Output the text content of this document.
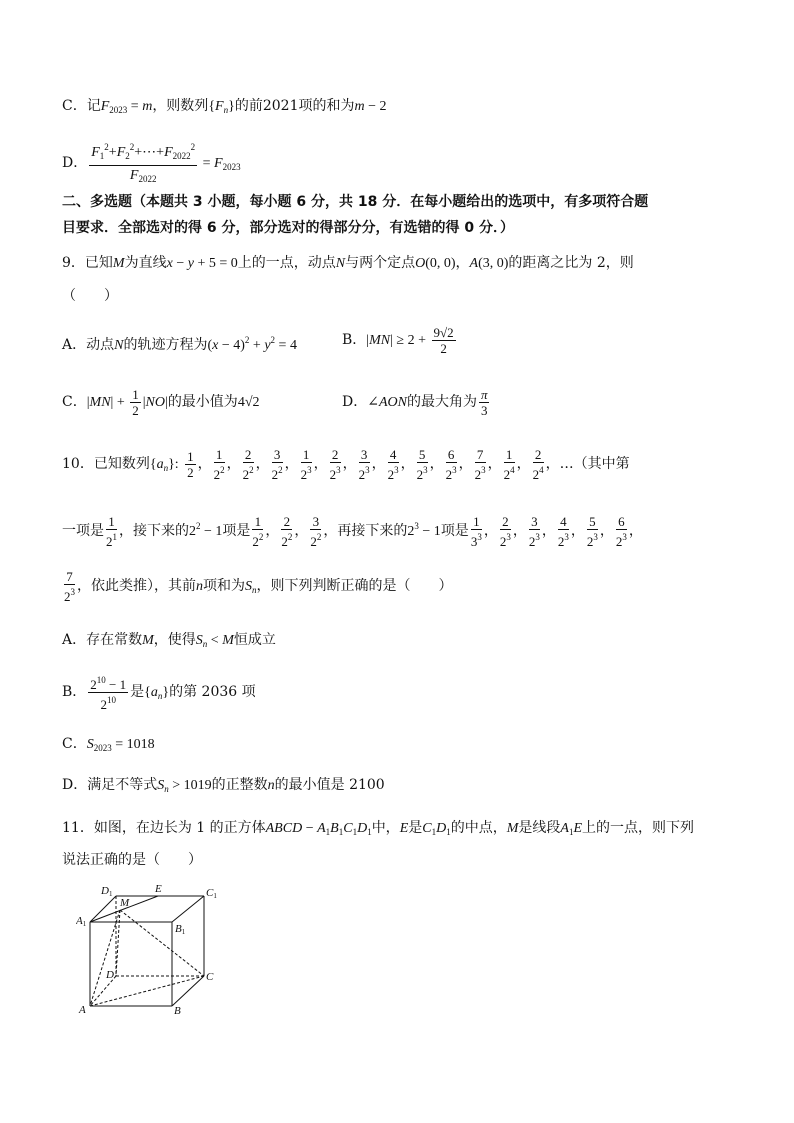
C．记$F_{2023} = m$，则数列$\{F_n\}$的前2021项的和为m − 2
D． $\frac{F_1^2+F_2^2+\cdots+F_{2022}^2}{F_{2022}} = F_{2023}$
二、多选题（本题共 3 小题，每小题 6 分，共 18 分．在每小题给出的选项中，有多项符合题
目要求．全部选对的得 6 分，部分选对的得部分分，有选错的得 0 分．）
9．已知M为直线x − y + 5 = 0上的一点，动点N与两个定点O(0, 0)，A(3, 0)的距离之比为 2，则
（　　）
A．动点N的轨迹方程为$(x - 4)^2 + y^2 = 4$	B．$|MN| \ge 2 + \frac{9√2}{2}$
C．$|MN| + \frac{1}{2} |NO|$的最小值为4√2	D．∠AON的最大角为 $\frac{\pi}{3}$
10．已知数列$\{a_n\}$: $\frac{1}{2}$ ， $\frac{1}{2^2}$ ， $\frac{2}{2^2}$ ， $\frac{3}{2^2}$ ， $\frac{1}{2^3}$ ， $\frac{2}{2^3}$ ， $\frac{3}{2^3}$ ， $\frac{4}{2^3}$ ， $\frac{5}{2^3}$ ， $\frac{6}{2^3}$ ， $\frac{7}{2^3}$ ， $\frac{1}{2^4}$ ， $\frac{2}{2^4}$ ，…（其中第
一项是 $\frac{1}{2^1}$ ，接下来的$2^2 - 1$项是 $\frac{1}{2^2}$ ， $\frac{2}{2^2}$ ， $\frac{3}{2^2}$ ，再接下来的$2^3 - 1$项是 $\frac{1}{3^3}$ ， $\frac{2}{2^3}$ ， $\frac{3}{2^3}$ ， $\frac{4}{2^3}$ ， $\frac{5}{2^3}$ ， $\frac{6}{2^3}$ ，
$\frac{7}{2^3}$ ，依此类推），其前n项和为$S_n$，则下列判断正确的是（　　）
A．存在常数M，使得$S_n < M$恒成立
B． $\frac{2^{10} - 1}{2^{10}}$ 是$\{a_n\}$的第 2036 项
C．$S_{2023} = 1018$
D．满足不等式$S_n > 1019$的正整数n的最小值是 2100
11．如图，在边长为 1 的正方体ABCD − $A_1B_1C_1D_1$中，E是$C_1D_1$的中点，M是线段$A_1E$上的一点，则下列
说法正确的是（　　）
D1	E	C1
M
A1	B1
D	C
A	B
